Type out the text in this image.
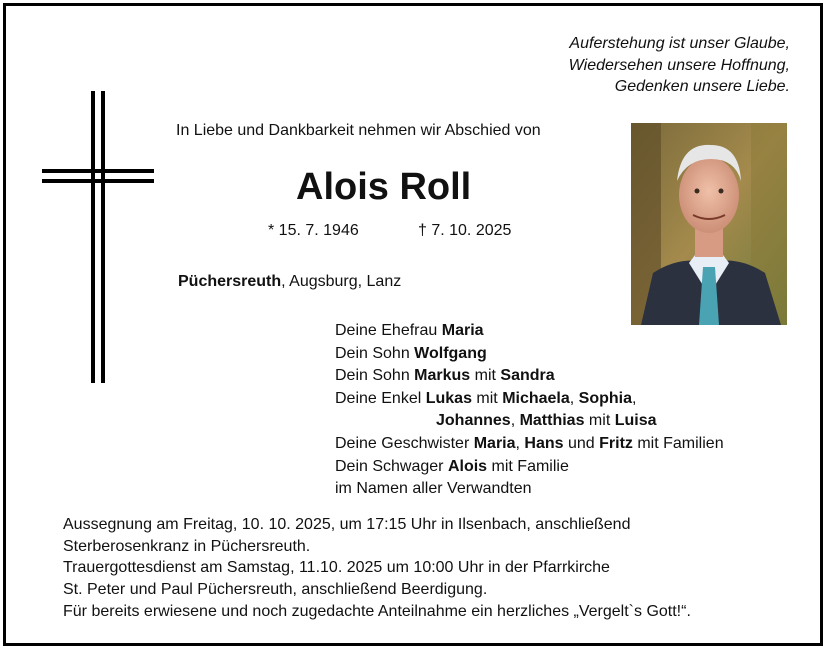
Auferstehung ist unser Glaube,
Wiedersehen unsere Hoffnung,
Gedenken unsere Liebe.
In Liebe und Dankbarkeit nehmen wir Abschied von
Alois Roll
* 15. 7. 1946	† 7. 10. 2025
Püchersreuth, Augsburg, Lanz
Deine Ehefrau Maria
Dein Sohn Wolfgang
Dein Sohn Markus mit Sandra
Deine Enkel Lukas mit Michaela, Sophia,
Johannes, Matthias mit Luisa
Deine Geschwister Maria, Hans und Fritz mit Familien
Dein Schwager Alois mit Familie
im Namen aller Verwandten
Aussegnung am Freitag, 10. 10. 2025, um 17:15 Uhr in Ilsenbach, anschließend
Sterberosenkranz in Püchersreuth.
Trauergottesdienst am Samstag, 11.10. 2025 um 10:00 Uhr in der Pfarrkirche
St. Peter und Paul Püchersreuth, anschließend Beerdigung.
Für bereits erwiesene und noch zugedachte Anteilnahme ein herzliches „Vergelt`s Gott!“.
